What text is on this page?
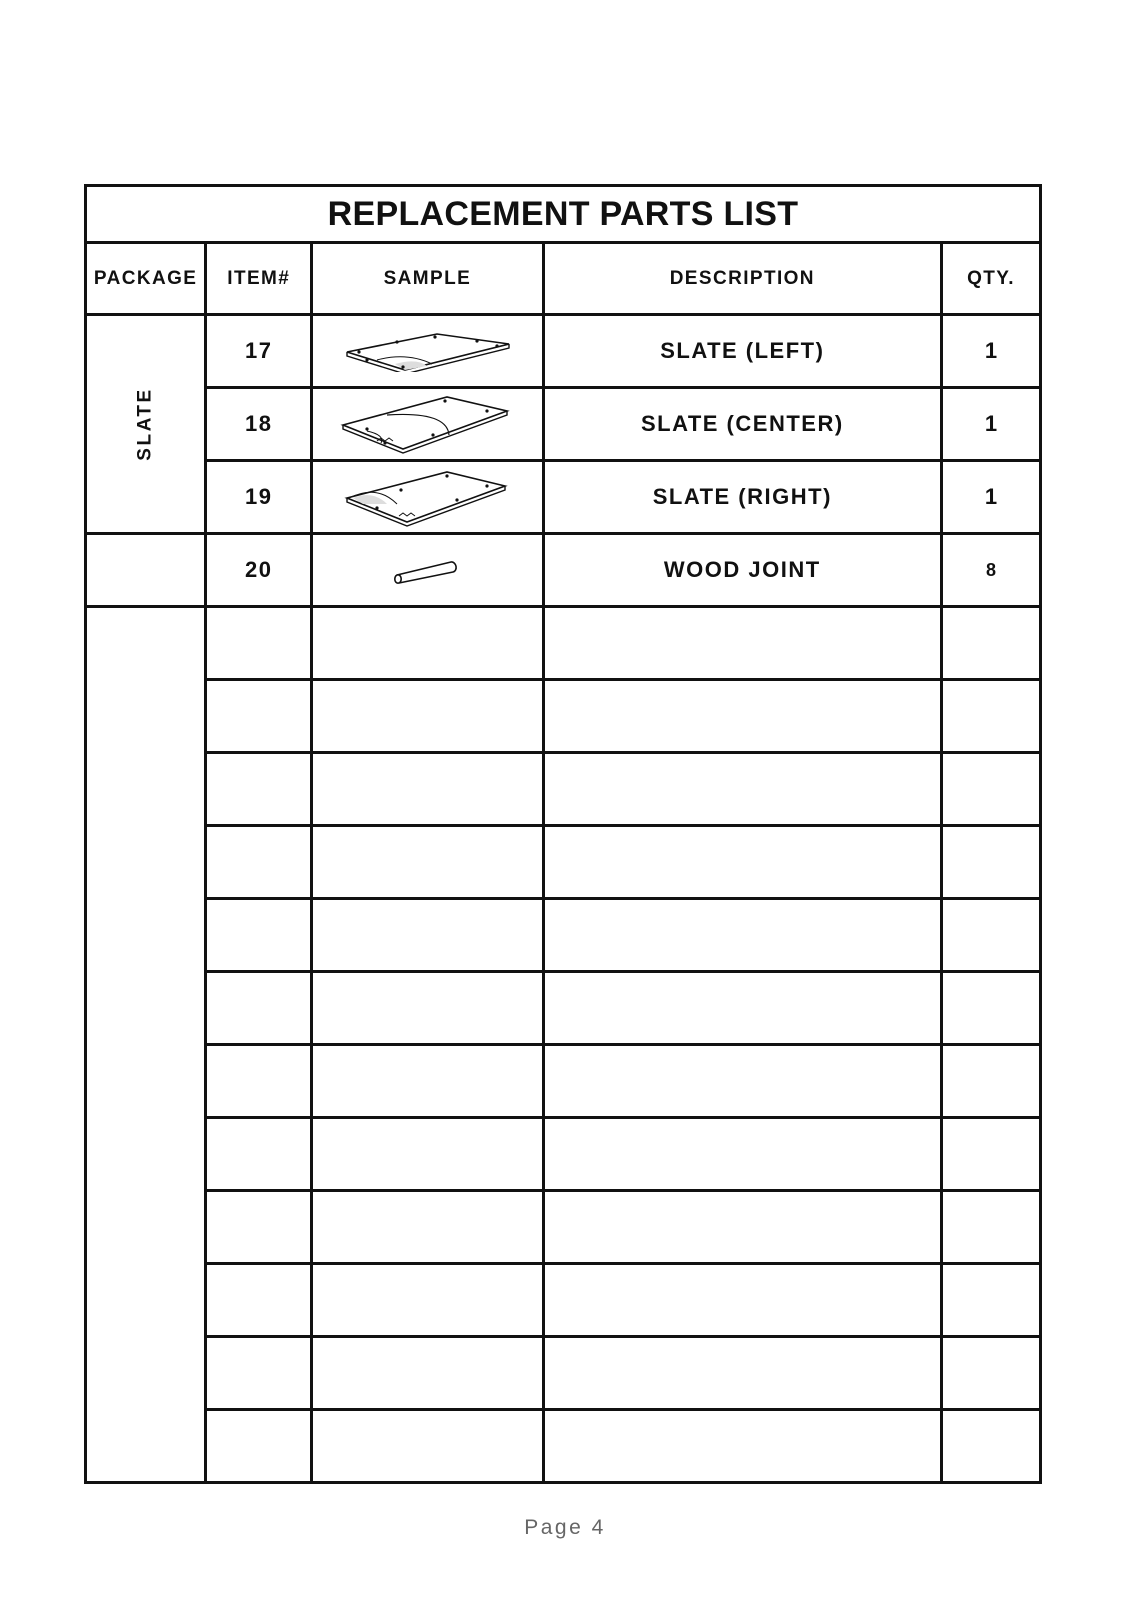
REPLACEMENT PARTS LIST				
PACKAGE	ITEM#	SAMPLE	DESCRIPTION	QTY.
SLATE	17		SLATE (LEFT)	1
	18		SLATE (CENTER)	1
	19		SLATE (RIGHT)	1
	20		WOOD JOINT	8

Page 4
